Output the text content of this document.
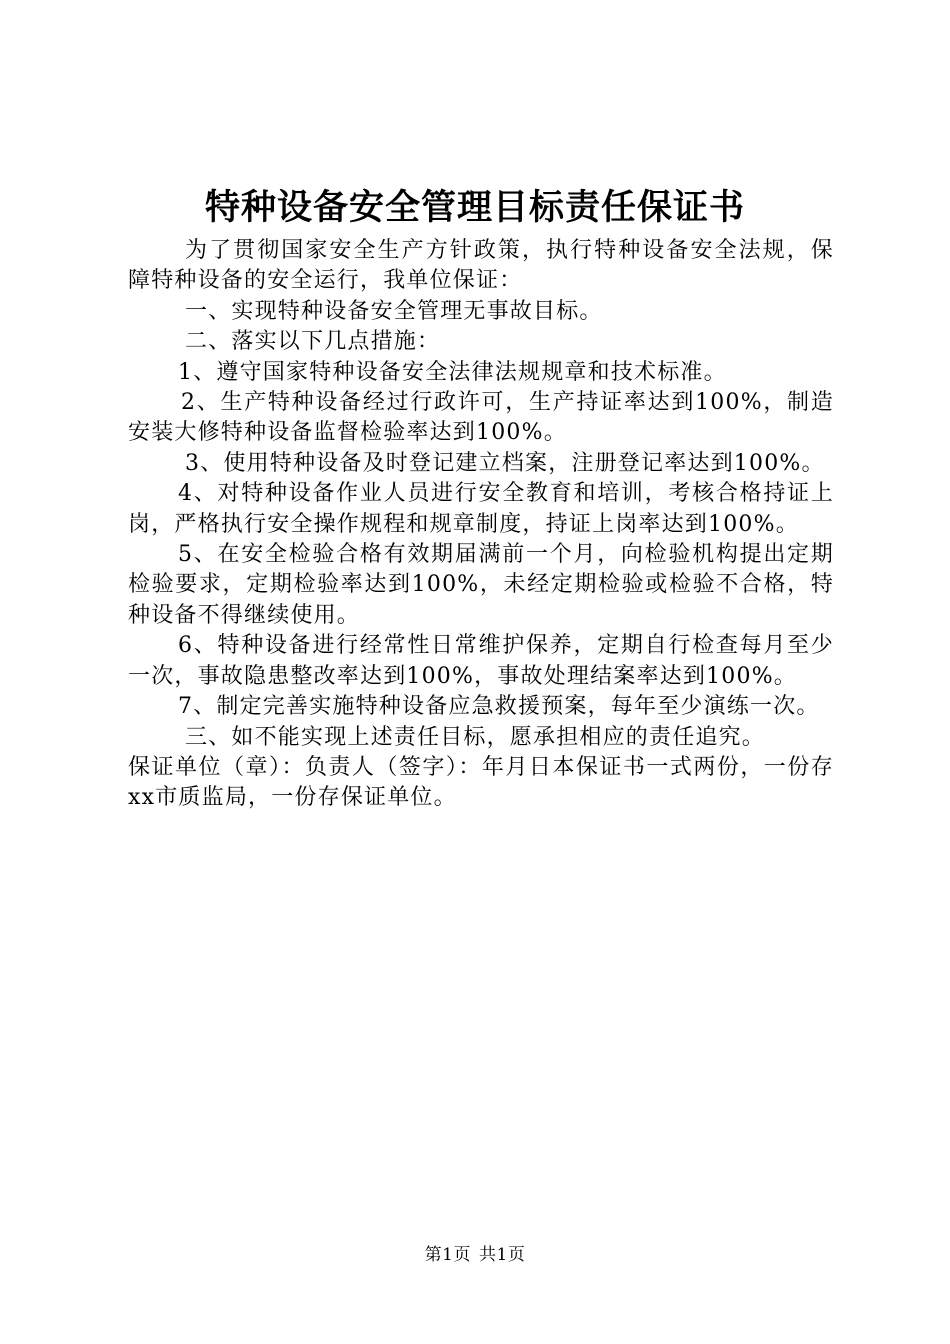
特种设备安全管理目标责任保证书

为了贯彻国家安全生产方针政策，执行特种设备安全法规，保障特种设备的安全运行，我单位保证：

一、实现特种设备安全管理无事故目标。

二、落实以下几点措施：

1、遵守国家特种设备安全法律法规规章和技术标准。

2、生产特种设备经过行政许可，生产持证率达到100%，制造安装大修特种设备监督检验率达到100%。

3、使用特种设备及时登记建立档案，注册登记率达到100%。

4、对特种设备作业人员进行安全教育和培训，考核合格持证上岗，严格执行安全操作规程和规章制度，持证上岗率达到100%。

5、在安全检验合格有效期届满前一个月，向检验机构提出定期检验要求，定期检验率达到100%，未经定期检验或检验不合格，特种设备不得继续使用。

6、特种设备进行经常性日常维护保养，定期自行检查每月至少一次，事故隐患整改率达到100%，事故处理结案率达到100%。

7、制定完善实施特种设备应急救援预案，每年至少演练一次。

三、如不能实现上述责任目标，愿承担相应的责任追究。

保证单位（章）：负责人（签字）：年月日本保证书一式两份，一份存xx市质监局，一份存保证单位。

第1页 共1页
